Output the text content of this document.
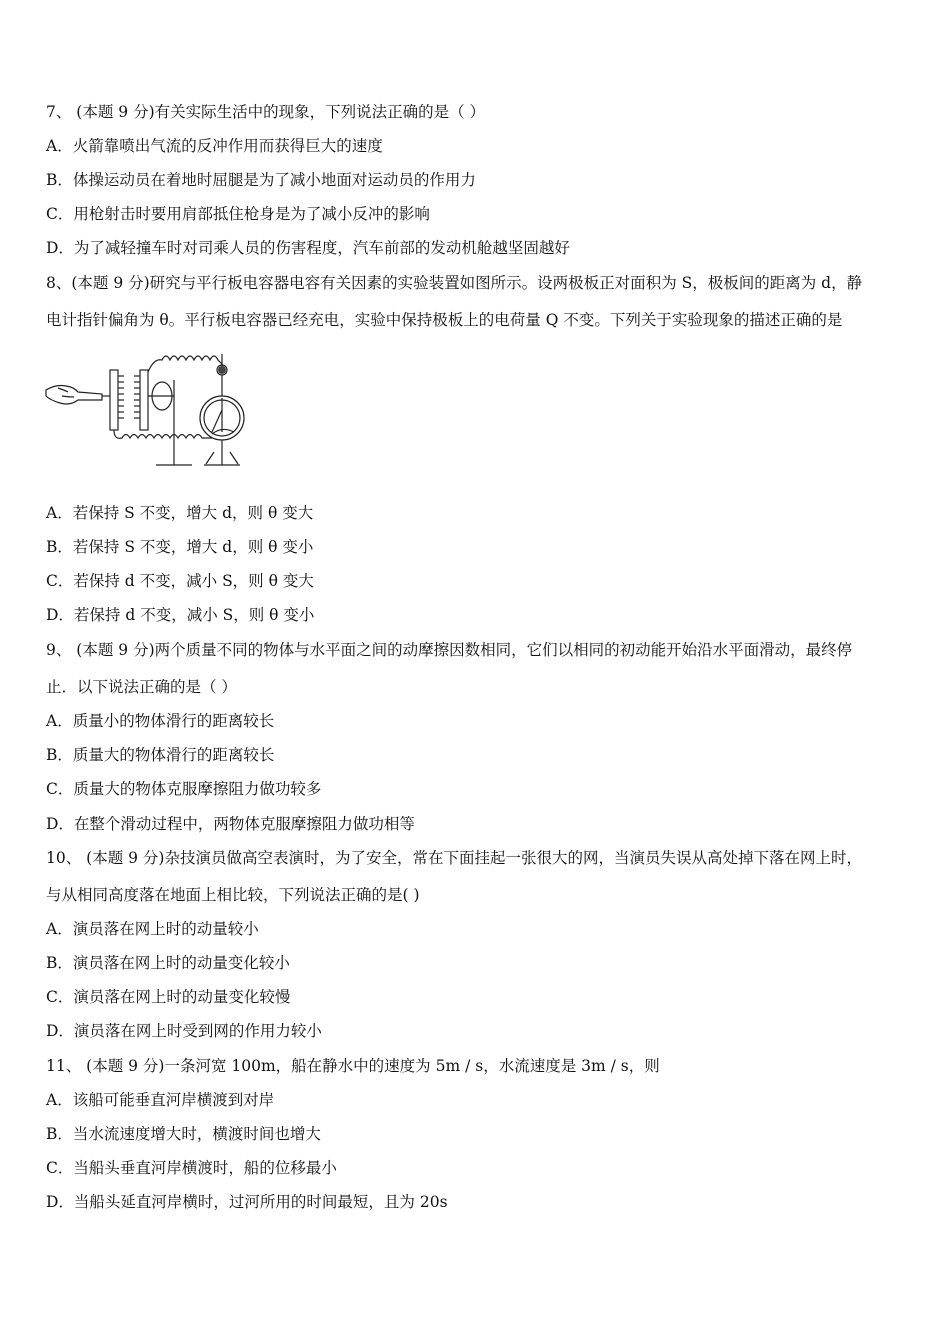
7、 (本题 9 分)有关实际生活中的现象，下列说法正确的是（ ）
A．火箭靠喷出气流的反冲作用而获得巨大的速度
B．体操运动员在着地时屈腿是为了减小地面对运动员的作用力
C．用枪射击时要用肩部抵住枪身是为了减小反冲的影响
D．为了减轻撞车时对司乘人员的伤害程度，汽车前部的发动机舱越坚固越好
8、(本题 9 分)研究与平行板电容器电容有关因素的实验装置如图所示。设两极板正对面积为 S，极板间的距离为 d，静
电计指针偏角为 θ。平行板电容器已经充电，实验中保持极板上的电荷量 Q 不变。下列关于实验现象的描述正确的是
A．若保持 S 不变，增大 d，则 θ 变大
B．若保持 S 不变，增大 d，则 θ 变小
C．若保持 d 不变，减小 S，则 θ 变大
D．若保持 d 不变，减小 S，则 θ 变小
9、 (本题 9 分)两个质量不同的物体与水平面之间的动摩擦因数相同，它们以相同的初动能开始沿水平面滑动，最终停
止．以下说法正确的是（ ）
A．质量小的物体滑行的距离较长
B．质量大的物体滑行的距离较长
C．质量大的物体克服摩擦阻力做功较多
D．在整个滑动过程中，两物体克服摩擦阻力做功相等
10、 (本题 9 分)杂技演员做高空表演时，为了安全，常在下面挂起一张很大的网，当演员失误从高处掉下落在网上时，
与从相同高度落在地面上相比较，下列说法正确的是( )
A．演员落在网上时的动量较小
B．演员落在网上时的动量变化较小
C．演员落在网上时的动量变化较慢
D．演员落在网上时受到网的作用力较小
11、 (本题 9 分)一条河宽 100m，船在静水中的速度为 5m / s，水流速度是 3m / s，则
A．该船可能垂直河岸横渡到对岸
B．当水流速度增大时，横渡时间也增大
C．当船头垂直河岸横渡时，船的位移最小
D．当船头延直河岸横时，过河所用的时间最短，且为 20s
